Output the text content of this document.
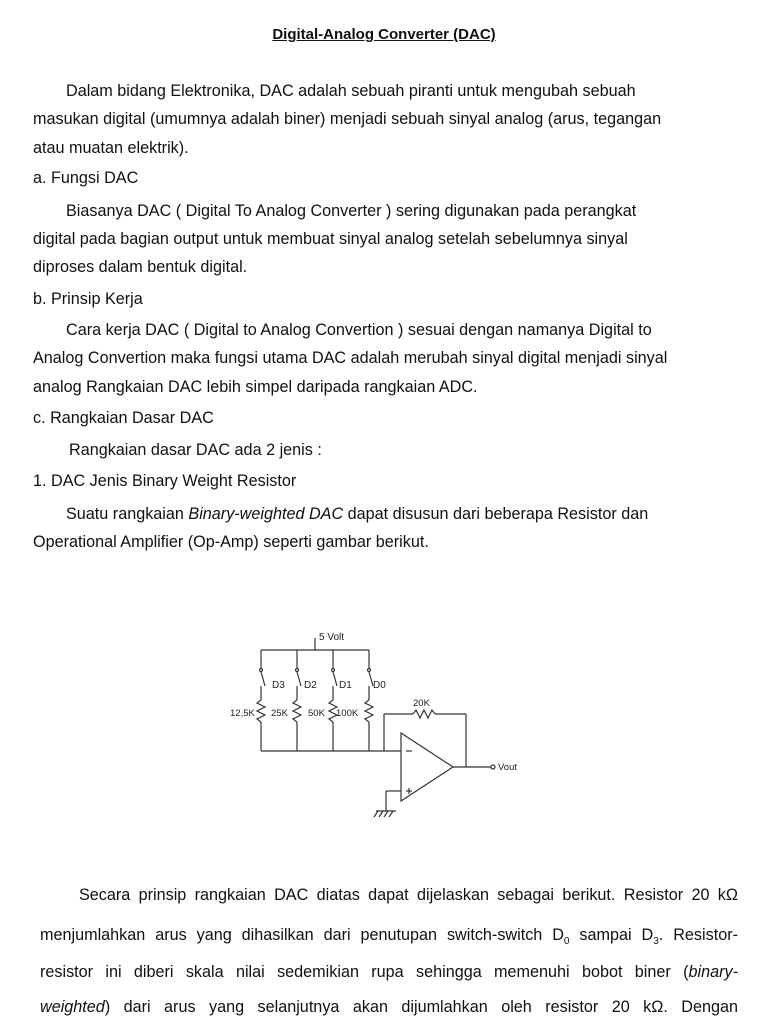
Digital-Analog Converter (DAC)
Dalam bidang Elektronika, DAC adalah sebuah piranti untuk mengubah sebuah
masukan digital (umumnya adalah biner) menjadi sebuah sinyal analog (arus, tegangan
atau muatan elektrik).
a. Fungsi DAC
Biasanya DAC ( Digital To Analog Converter ) sering digunakan pada perangkat
digital pada bagian output untuk membuat sinyal analog setelah sebelumnya sinyal
diproses dalam bentuk digital.
b. Prinsip Kerja
Cara kerja DAC ( Digital to Analog Convertion ) sesuai dengan namanya Digital to
Analog Convertion maka fungsi utama DAC adalah merubah sinyal digital menjadi sinyal
analog Rangkaian DAC lebih simpel daripada rangkaian ADC.
c. Rangkaian Dasar DAC
Rangkaian dasar DAC ada 2 jenis :
1. DAC Jenis Binary Weight Resistor
Suatu rangkaian Binary-weighted DAC dapat disusun dari beberapa Resistor dan
Operational Amplifier (Op-Amp) seperti gambar berikut.
5 Volt
D3
12,5K
D2
25K
D1
50K
D0
100K
20K
Vout
Secara prinsip rangkaian DAC diatas dapat dijelaskan sebagai berikut. Resistor 20 kΩ
menjumlahkan arus yang dihasilkan dari penutupan switch-switch $D_0$ sampai $D_3$. Resistor-
resistor ini diberi skala nilai sedemikian rupa sehingga memenuhi bobot biner (binary-
weighted) dari arus yang selanjutnya akan dijumlahkan oleh resistor 20 kΩ. Dengan
